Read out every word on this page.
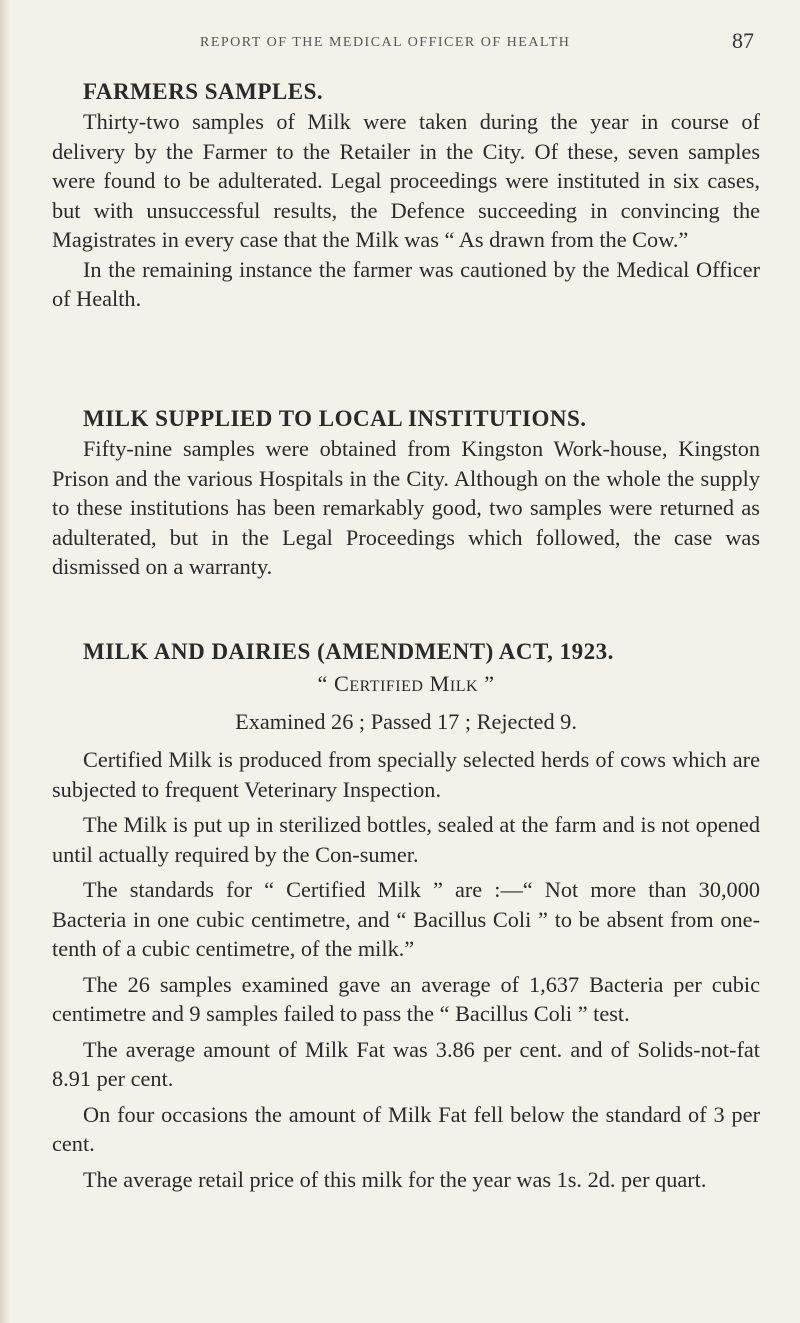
REPORT OF THE MEDICAL OFFICER OF HEALTH	87
FARMERS SAMPLES.

Thirty-two samples of Milk were taken during the year in course of delivery by the Farmer to the Retailer in the City. Of these, seven samples were found to be adulterated. Legal proceedings were instituted in six cases, but with unsuccessful results, the Defence succeeding in convincing the Magistrates in every case that the Milk was “ As drawn from the Cow.”

In the remaining instance the farmer was cautioned by the Medical Officer of Health.

MILK SUPPLIED TO LOCAL INSTITUTIONS.

Fifty-nine samples were obtained from Kingston Work-house, Kingston Prison and the various Hospitals in the City. Although on the whole the supply to these institutions has been remarkably good, two samples were returned as adulterated, but in the Legal Proceedings which followed, the case was dismissed on a warranty.

MILK AND DAIRIES (AMENDMENT) ACT, 1923.

“ Certified Milk ”

Examined 26 ; Passed 17 ; Rejected 9.

Certified Milk is produced from specially selected herds of cows which are subjected to frequent Veterinary Inspection.

The Milk is put up in sterilized bottles, sealed at the farm and is not opened until actually required by the Con-sumer.

The standards for “ Certified Milk ” are :—“ Not more than 30,000 Bacteria in one cubic centimetre, and “ Bacillus Coli ” to be absent from one-tenth of a cubic centimetre, of the milk.”

The 26 samples examined gave an average of 1,637 Bacteria per cubic centimetre and 9 samples failed to pass the “ Bacillus Coli ” test.

The average amount of Milk Fat was 3.86 per cent. and of Solids-not-fat 8.91 per cent.

On four occasions the amount of Milk Fat fell below the standard of 3 per cent.

The average retail price of this milk for the year was 1s. 2d. per quart.
